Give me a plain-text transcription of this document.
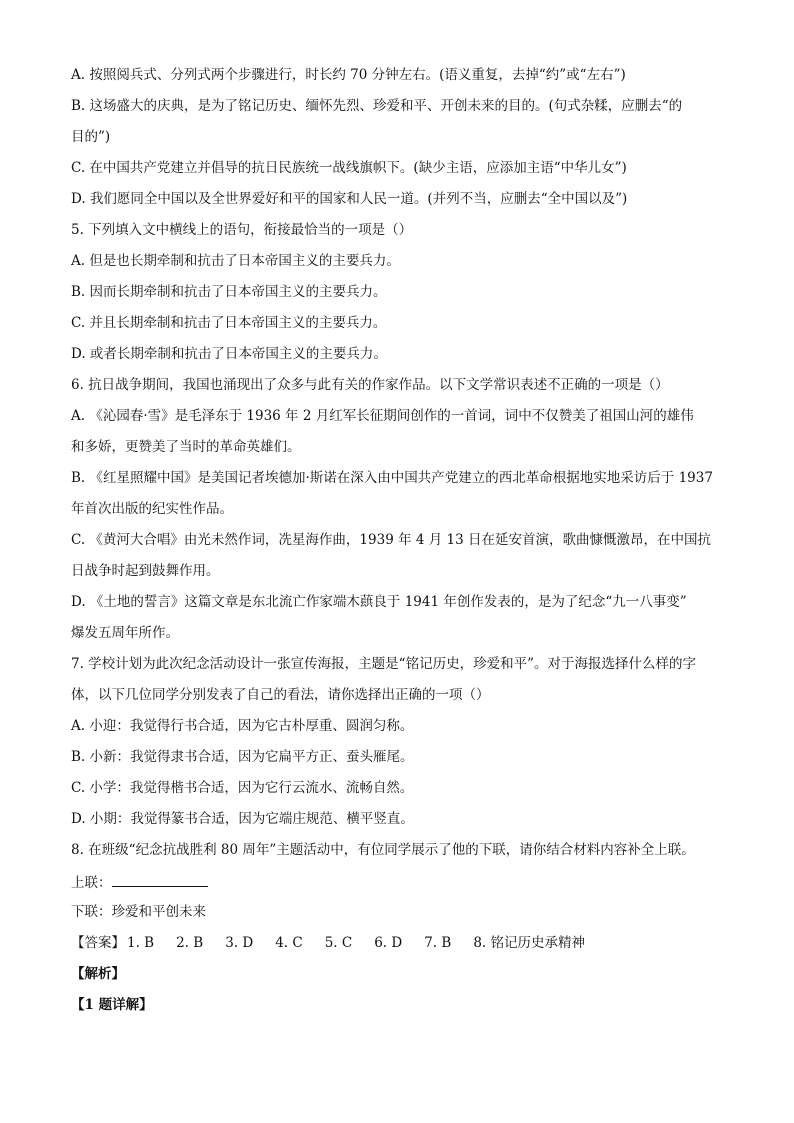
A. 按照阅兵式、分列式两个步骤进行，时长约 70 分钟左右。(语义重复，去掉“约”或“左右”)
B. 这场盛大的庆典，是为了铭记历史、缅怀先烈、珍爱和平、开创未来的目的。(句式杂糅，应删去“的
目的”)
C. 在中国共产党建立并倡导的抗日民族统一战线旗帜下。(缺少主语，应添加主语“中华儿女”)
D. 我们愿同全中国以及全世界爱好和平的国家和人民一道。(并列不当，应删去“全中国以及”)
5. 下列填入文中横线上的语句，衔接最恰当的一项是（）
A. 但是也长期牵制和抗击了日本帝国主义的主要兵力。
B. 因而长期牵制和抗击了日本帝国主义的主要兵力。
C. 并且长期牵制和抗击了日本帝国主义的主要兵力。
D. 或者长期牵制和抗击了日本帝国主义的主要兵力。
6. 抗日战争期间，我国也涌现出了众多与此有关的作家作品。以下文学常识表述不正确的一项是（）
A. 《沁园春·雪》是毛泽东于 1936 年 2 月红军长征期间创作的一首词，词中不仅赞美了祖国山河的雄伟
和多娇，更赞美了当时的革命英雄们。
B. 《红星照耀中国》是美国记者埃德加·斯诺在深入由中国共产党建立的西北革命根据地实地采访后于 1937
年首次出版的纪实性作品。
C. 《黄河大合唱》由光未然作词，冼星海作曲，1939 年 4 月 13 日在延安首演，歌曲慷慨激昂，在中国抗
日战争时起到鼓舞作用。
D. 《土地的誓言》这篇文章是东北流亡作家端木蕻良于 1941 年创作发表的，是为了纪念“九一八事变”
爆发五周年所作。
7. 学校计划为此次纪念活动设计一张宣传海报，主题是“铭记历史，珍爱和平”。对于海报选择什么样的字
体，以下几位同学分别发表了自己的看法，请你选择出正确的一项（）
A. 小迎：我觉得行书合适，因为它古朴厚重、圆润匀称。
B. 小新：我觉得隶书合适，因为它扁平方正、蚕头雁尾。
C. 小学：我觉得楷书合适，因为它行云流水、流畅自然。
D. 小期：我觉得篆书合适，因为它端庄规范、横平竖直。
8. 在班级“纪念抗战胜利 80 周年”主题活动中，有位同学展示了他的下联，请你结合材料内容补全上联。
上联：
下联：珍爱和平创未来
【答案】 1. B 2. B 3. D 4. C 5. C 6. D 7. B 8. 铭记历史承精神
【解析】
【1 题详解】
